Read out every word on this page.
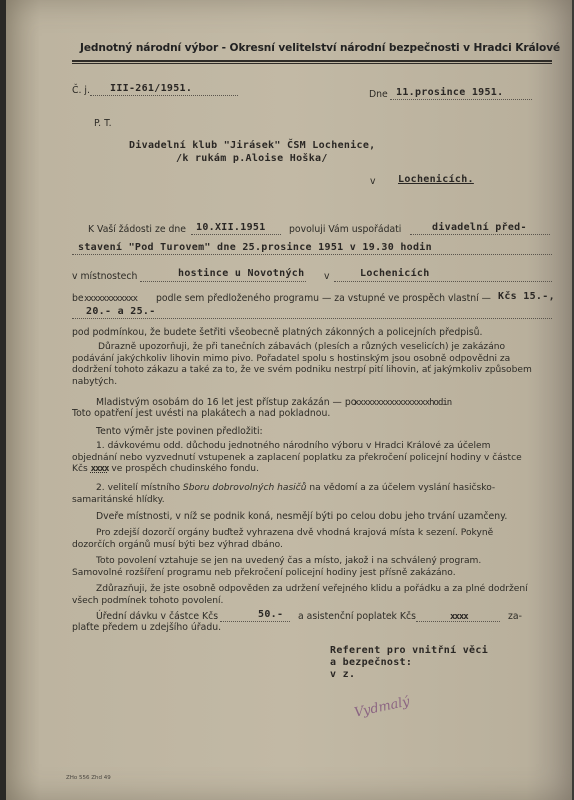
Jednotný národní výbor - Okresní velitelství národní bezpečnosti v Hradci Králové
Č. j. III-261/1951.
Dne 11.prosince 1951.
P. T.
Divadelní klub "Jirásek" ČSM Lochenice,
/k rukám p.Aloise Hoška/
v Lochenicích.
K Vaší žádosti ze dne 10.XII.1951	povoluji Vám uspořádati	divadelní před-
stavení "Pod Turovem" dne 25.prosince 1951 v 19.30 hodin
v místnostech	hostince u Novotných v	Lochenicích
be xxxxxxxxxxxx	podle sem předloženého programu — za vstupné ve prospěch vlastní — Kčs 15.-,
20.- a 25.-
pod podmínkou, že budete šetřiti všeobecně platných zákonných a policejních předpisů.
Důrazně upozorňuji, že při tanečních zábavách (plesích a různých veselicích) je zakázáno podávání jakýchkoliv lihovin mimo pivo. Pořadatel spolu s hostinským jsou osobně odpovědni za dodržení tohoto zákazu a také za to, že ve svém podniku nestrpí pití lihovin, ať jakýmkoliv způsobem nabytých.
Mladistvým osobám do 16 let jest přístup zakázán — po
xxxxxxxxxxxxxxxxxhodin
Toto opatření jest uvésti na plakátech a nad pokladnou.
Tento výměr jste povinen předložiti:
1. dávkovému odd. důchodu jednotného národního výboru v Hradci Králové za účelem objednání nebo vyzvednutí vstupenek a zaplacení poplatku za překročení policejní hodiny v částce Kčs xxxx ve prospěch chudinského fondu.
2. velitelí místního Sboru dobrovolných hasičů na vědomí a za účelem vyslání hasičsko-samaritánské hlídky.
Dveře místnosti, v níž se podnik koná, nesmějí býti po celou dobu jeho trvání uzamčeny.
Pro zdejší dozorčí orgány buďtež vyhrazena dvě vhodná krajová místa k sezení. Pokyně dozorčích orgánů musí býti bez výhrad dbáno.
Toto povolení vztahuje se jen na uvedený čas a místo, jakož i na schválený program. Samovolné rozšíření programu neb překročení policejní hodiny jest přísně zakázáno.
Zdůrazňuji, že jste osobně odpověden za udržení veřejného klidu a pořádku a za plné dodržení všech podmínek tohoto povolení.
Úřední dávku v částce Kčs	50.- a asistenční poplatek Kčs	xxxx	za-
plaťte předem u zdejšího úřadu.
Referent pro vnitřní věci
a bezpečnost:
v z.
Vydmalý
ZHo 556 Zhd 49
